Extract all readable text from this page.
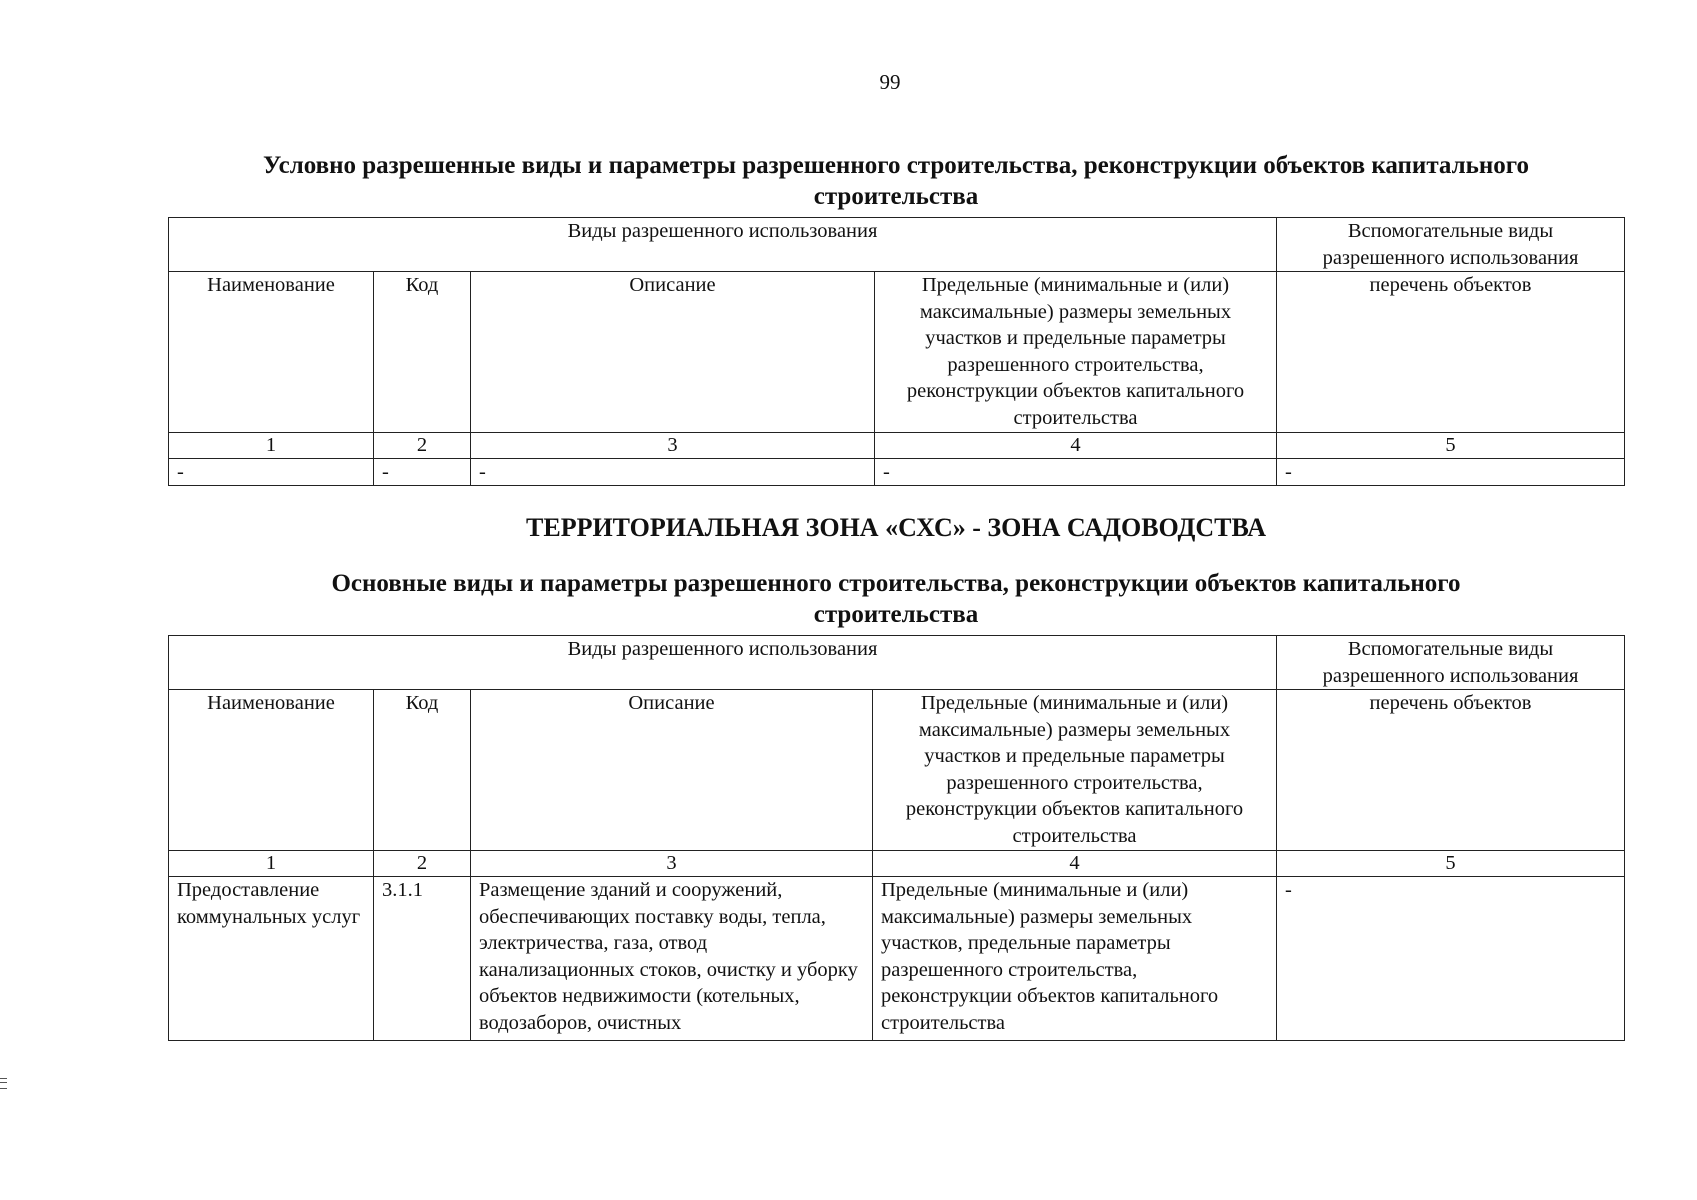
99
Условно разрешенные виды и параметры разрешенного строительства, реконструкции объектов капитального
строительства
Виды разрешенного использования				Вспомогательные виды разрешенного использования
Наименование	Код	Описание	Предельные (минимальные и (или) максимальные) размеры земельных участков и предельные параметры разрешенного строительства, реконструкции объектов капитального строительства	перечень объектов
1	2	3	4	5
-	-	-	-	-
ТЕРРИТОРИАЛЬНАЯ ЗОНА «СХС» - ЗОНА САДОВОДСТВА
Основные виды и параметры разрешенного строительства, реконструкции объектов капитального
строительства
Виды разрешенного использования				Вспомогательные виды разрешенного использования
Наименование	Код	Описание	Предельные (минимальные и (или) максимальные) размеры земельных участков и предельные параметры разрешенного строительства, реконструкции объектов капитального строительства	перечень объектов
1	2	3	4	5
Предоставление коммунальных услуг	3.1.1	Размещение зданий и сооружений, обеспечивающих поставку воды, тепла, электричества, газа, отвод канализационных стоков, очистку и уборку объектов недвижимости (котельных, водозаборов, очистных	Предельные (минимальные и (или) максимальные) размеры земельных участков, предельные параметры разрешенного строительства, реконструкции объектов капитального строительства	-
